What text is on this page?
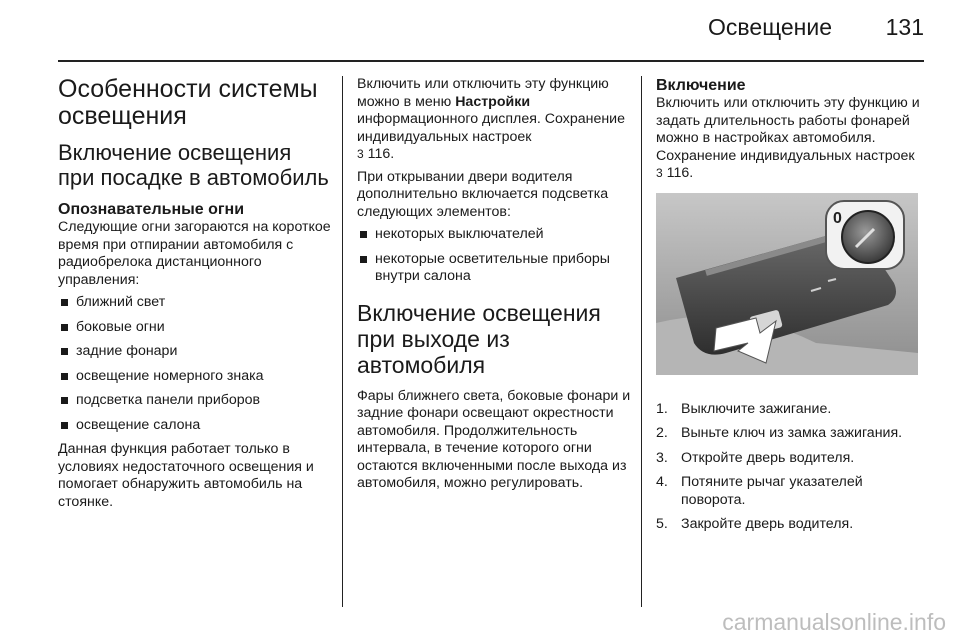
Освещение 131
Особенности системы освещения
Включение освещения при посадке в автомобиль
Опознавательные огни

Следующие огни загораются на короткое время при отпирании автомобиля с радиобрелока дистанционного управления:

ближний свет
боковые огни
задние фонари
освещение номерного знака
подсветка панели приборов
освещение салона

Данная функция работает только в условиях недостаточного освещения и помогает обнаружить автомобиль на стоянке.

Включить или отключить эту функцию можно в меню Настройки информационного дисплея. Сохранение индивидуальных настроек
3 116.

При открывании двери водителя дополнительно включается подсветка следующих элементов:

некоторых выключателей
некоторые осветительные приборы внутри салона
Включение освещения при выходе из автомобиля

Фары ближнего света, боковые фонари и задние фонари освещают окрестности автомобиля. Продолжительность интервала, в течение которого огни остаются включенными после выхода из автомобиля, можно регулировать.

Включение

Включить или отключить эту функцию и задать длительность работы фонарей можно в настройках автомобиля. Сохранение индивидуальных настроек 3 116.

0
1. Выключите зажигание.
2. Выньте ключ из замка зажигания.
3. Откройте дверь водителя.
4. Потяните рычаг указателей поворота.
5. Закройте дверь водителя.
carmanualsonline.info
